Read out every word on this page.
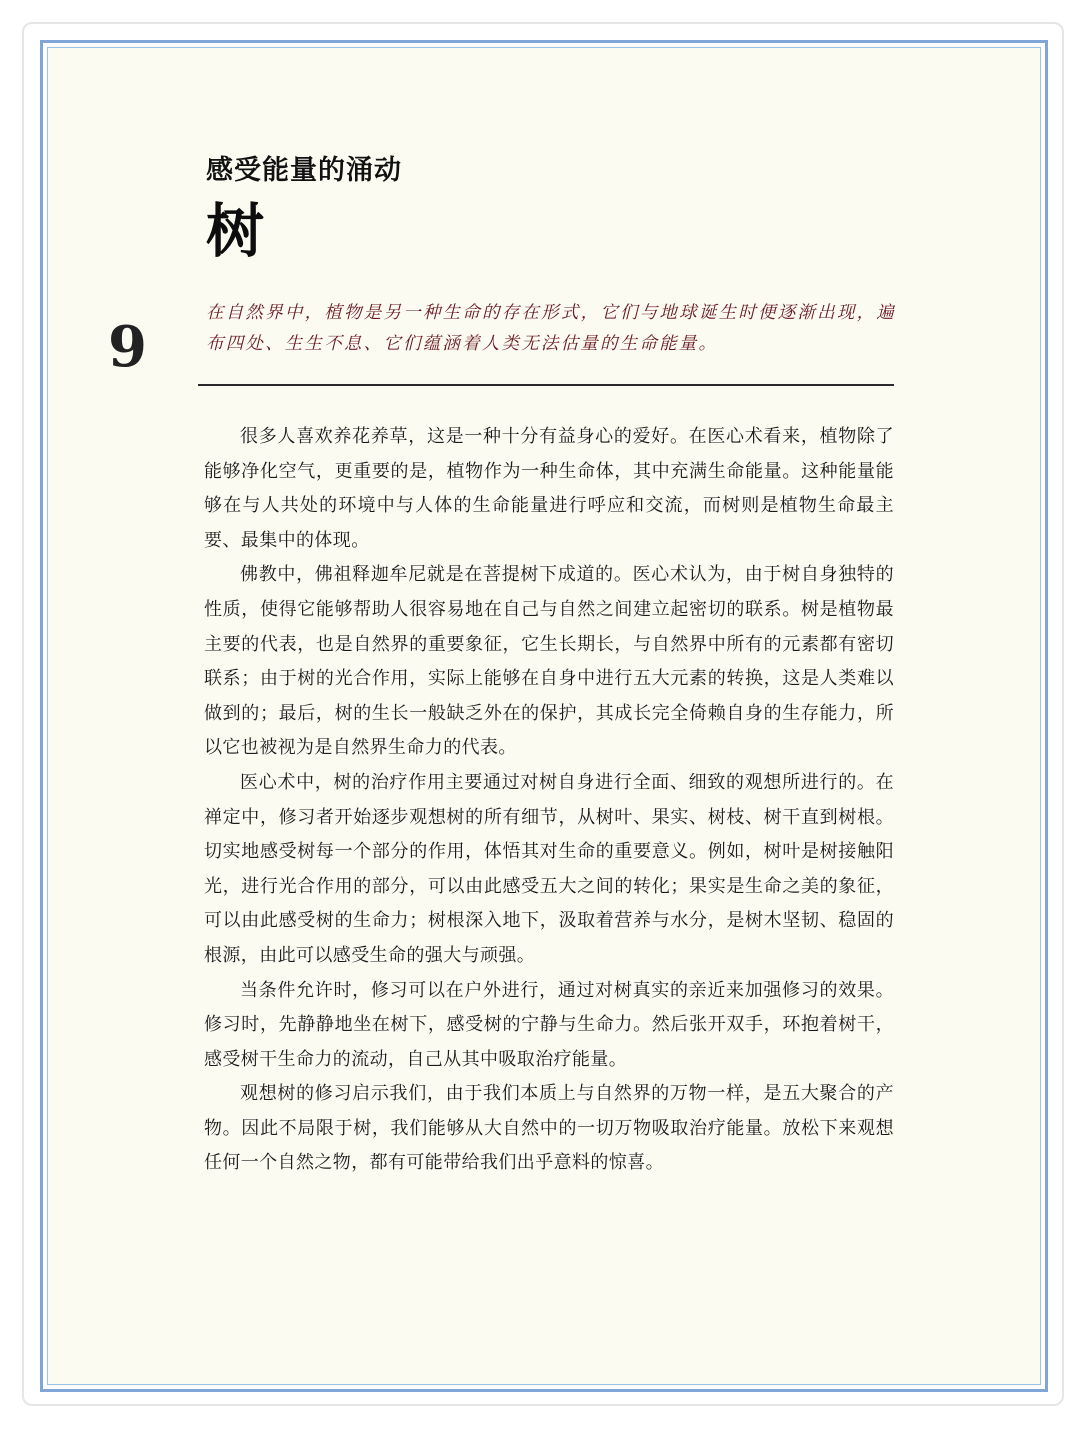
感受能量的涌动
树
9
在自然界中，植物是另一种生命的存在形式，它们与地球诞生时便逐渐出现，遍布四处、生生不息、它们蕴涵着人类无法估量的生命能量。

很多人喜欢养花养草，这是一种十分有益身心的爱好。在医心术看来，植物除了能够净化空气，更重要的是，植物作为一种生命体，其中充满生命能量。这种能量能够在与人共处的环境中与人体的生命能量进行呼应和交流，而树则是植物生命最主要、最集中的体现。

佛教中，佛祖释迦牟尼就是在菩提树下成道的。医心术认为，由于树自身独特的性质，使得它能够帮助人很容易地在自己与自然之间建立起密切的联系。树是植物最主要的代表，也是自然界的重要象征，它生长期长，与自然界中所有的元素都有密切联系；由于树的光合作用，实际上能够在自身中进行五大元素的转换，这是人类难以做到的；最后，树的生长一般缺乏外在的保护，其成长完全倚赖自身的生存能力，所以它也被视为是自然界生命力的代表。

医心术中，树的治疗作用主要通过对树自身进行全面、细致的观想所进行的。在禅定中，修习者开始逐步观想树的所有细节，从树叶、果实、树枝、树干直到树根。切实地感受树每一个部分的作用，体悟其对生命的重要意义。例如，树叶是树接触阳光，进行光合作用的部分，可以由此感受五大之间的转化；果实是生命之美的象征，可以由此感受树的生命力；树根深入地下，汲取着营养与水分，是树木坚韧、稳固的根源，由此可以感受生命的强大与顽强。

当条件允许时，修习可以在户外进行，通过对树真实的亲近来加强修习的效果。修习时，先静静地坐在树下，感受树的宁静与生命力。然后张开双手，环抱着树干，感受树干生命力的流动，自己从其中吸取治疗能量。

观想树的修习启示我们，由于我们本质上与自然界的万物一样，是五大聚合的产物。因此不局限于树，我们能够从大自然中的一切万物吸取治疗能量。放松下来观想任何一个自然之物，都有可能带给我们出乎意料的惊喜。
